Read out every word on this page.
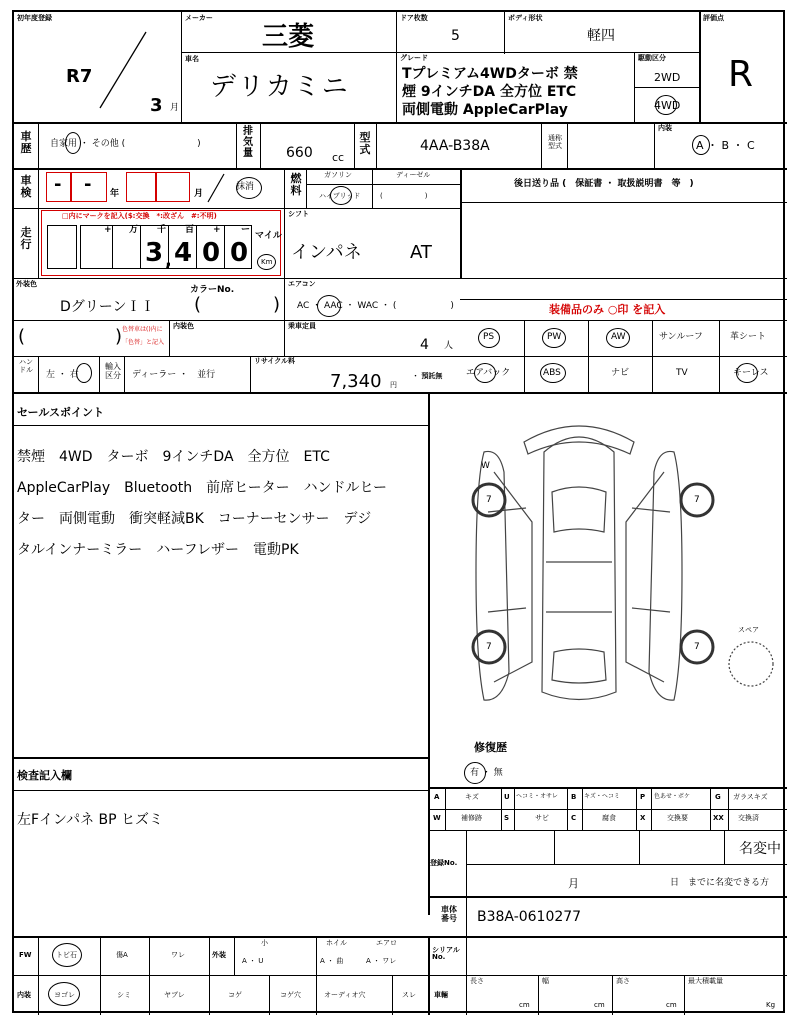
初年度登録
R7
3 月
メーカー
三菱
ドア枚数
5
ボディ形状
軽四
評価点
R
車名
デリカミニ
グレード
Tプレミアム4WDターボ 禁
煙 9インチDA 全方位 ETC
両側電動 AppleCarPlay
駆動区分
2WD
4WD
車歴 自家用 ・ その他 (　　　　　　　　)
排気量 660 cc
型式	4AA-B38A	通称型式
内装
A ・ B ・ C
車検 - - 年	月
抹消
燃料
ガソリン	ディーゼル
ハイブリッド	(　　　　　　)
後日送り品 (　保証書 ・ 取扱説明書　等　)
走行
□内にマークを記入($:交換　*:改ざん　#:不明)
+ 万 千 百 + ー
3 , 4 0 0
マイル
Km
シフト
インパネ	AT
外装色
DグリーンＩＩ
カラーNo.
(　　　　)
エアコン
AC ・ AAC ・ WAC ・ (　　　　　　)	装備品のみ ○印 を記入
(　　　　　) 色替車は()内に
「色替」と記入
内装色	乗車定員
4 人
PS	PW	AW	サンルーフ	革シート
エアバック	ABS	ナビ	TV	キーレス
ハンドル 左 ・ 右
輸入区分 ディーラー ・　並行
リサイクル料
7,340 円
・ 預託無
セールスポイント
禁煙　4WD　ターボ　9インチDA　全方位　ETC
AppleCarPlay　Bluetooth　前席ヒーター　ハンドルヒー
ター　両側電動　衝突軽減BK　コーナーセンサー　デジ
タルインナーミラー　ハーフレザー　電動PK
W
7	7
7	7
スペア
修復歴
有 ・ 無
検査記入欄
左Fインパネ BP ヒズミ
A	キズ	U ヘコミ・オサレ B キズ・ヘコミ	P 色あせ・ボケ	G ガラスキズ
W	補修跡	S	サビ	C	腐食	X	交換要	XX 交換済
登録No.
名変中
月	日　までに名変できる方
車体番号 B38A-0610277
FW	トビ石	傷A	ワレ	外装
小
A ・ U
ホイル
A ・ 曲
エアロ
A ・ ワレ
シリアルNo.
内装	ヨゴレ	シミ	ヤブレ	コゲ	コゲ穴	オーディオ穴	スレ	車輛
長さ
cm
幅
cm
高さ
cm
最大積載量
Kg
